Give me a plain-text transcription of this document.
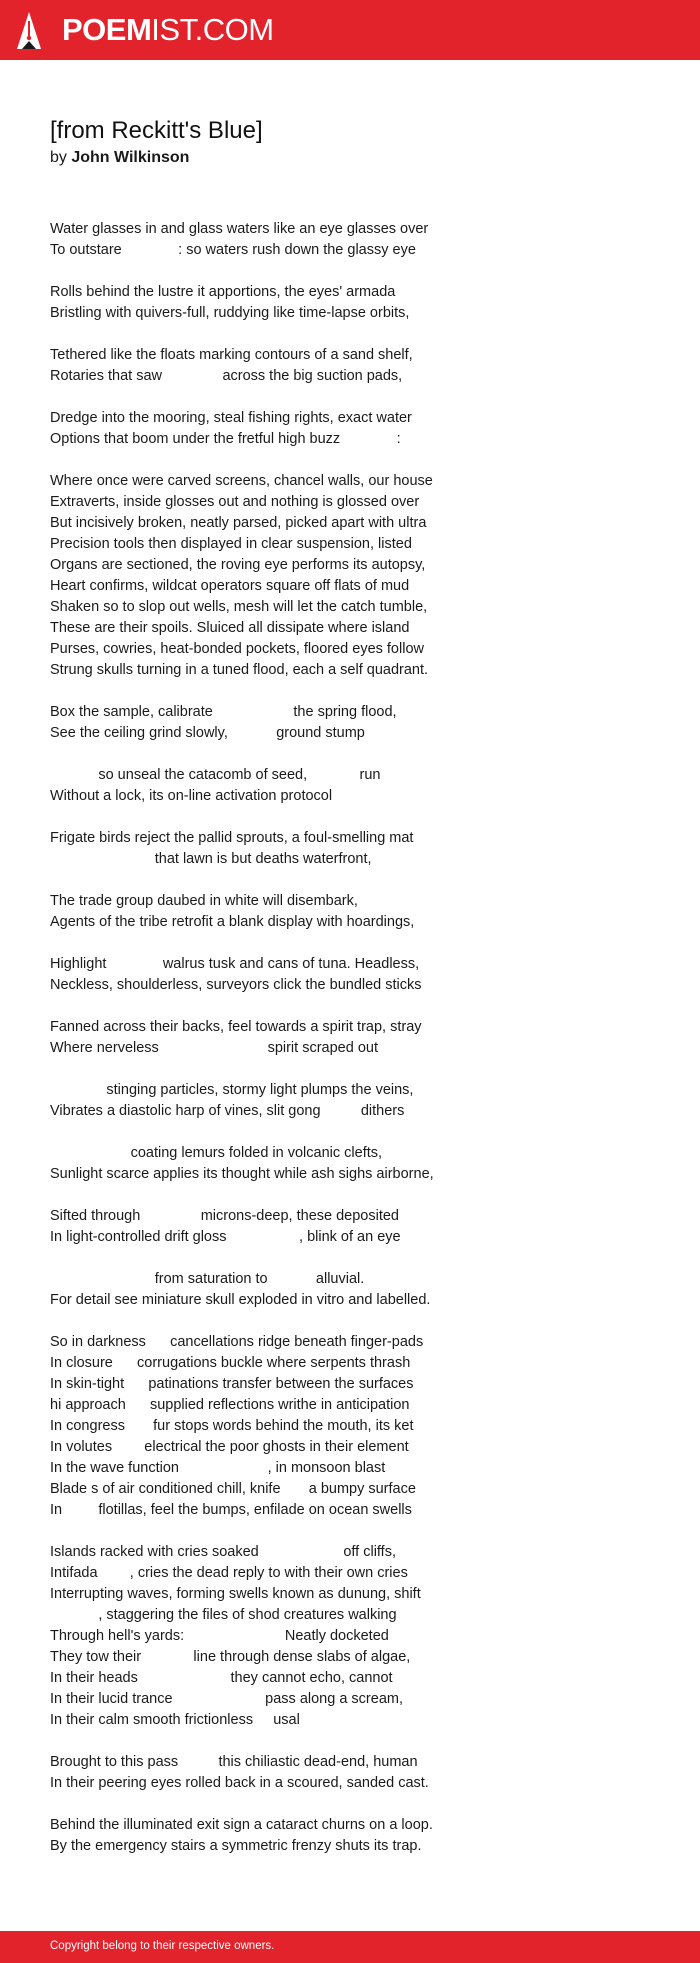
POEMIST.COM
[from Reckitt's Blue]
by John Wilkinson
Water glasses in and glass waters like an eye glasses over
To outstare              : so waters rush down the glassy eye
Rolls behind the lustre it apportions, the eyes' armada
Bristling with quivers-full, ruddying like time-lapse orbits,
Tethered like the floats marking contours of a sand shelf,
Rotaries that saw               across the big suction pads,
Dredge into the mooring, steal fishing rights, exact water
Options that boom under the fretful high buzz              :
Where once were carved screens, chancel walls, our house
Extraverts, inside glosses out and nothing is glossed over
But incisively broken, neatly parsed, picked apart with ultra
Precision tools then displayed in clear suspension, listed
Organs are sectioned, the roving eye performs its autopsy,
Heart confirms, wildcat operators square off flats of mud
Shaken so to slop out wells, mesh will let the catch tumble,
These are their spoils. Sluiced all dissipate where island
Purses, cowries, heat-bonded pockets, floored eyes follow
Strung skulls turning in a tuned flood, each a self quadrant.
Box the sample, calibrate                    the spring flood,
See the ceiling grind slowly,            ground stump
so unseal the catacomb of seed,             run
Without a lock, its on-line activation protocol
Frigate birds reject the pallid sprouts, a foul-smelling mat
that lawn is but deaths waterfront,
The trade group daubed in white will disembark,
Agents of the tribe retrofit a blank display with hoardings,
Highlight              walrus tusk and cans of tuna. Headless,
Neckless, shoulderless, surveyors click the bundled sticks
Fanned across their backs, feel towards a spirit trap, stray
Where nerveless                           spirit scraped out
stinging particles, stormy light plumps the veins,
Vibrates a diastolic harp of vines, slit gong          dithers
coating lemurs folded in volcanic clefts,
Sunlight scarce applies its thought while ash sighs airborne,
Sifted through               microns-deep, these deposited
In light-controlled drift gloss                  , blink of an eye
from saturation to            alluvial.
For detail see miniature skull exploded in vitro and labelled.
So in darkness      cancellations ridge beneath finger-pads
In closure      corrugations buckle where serpents thrash
In skin-tight      patinations transfer between the surfaces
hi approach      supplied reflections writhe in anticipation
In congress       fur stops words behind the mouth, its ket
In volutes        electrical the poor ghosts in their element
In the wave function                      , in monsoon blast
Blade s of air conditioned chill, knife       a bumpy surface
In         flotillas, feel the bumps, enfilade on ocean swells
Islands racked with cries soaked                     off cliffs,
Intifada        , cries the dead reply to with their own cries
Interrupting waves, forming swells known as dunung, shift
, staggering the files of shod creatures walking
Through hell's yards:                         Neatly docketed
They tow their             line through dense slabs of algae,
In their heads                       they cannot echo, cannot
In their lucid trance                       pass along a scream,
In their calm smooth frictionless     usal
Brought to this pass          this chiliastic dead-end, human
In their peering eyes rolled back in a scoured, sanded cast.
Behind the illuminated exit sign a cataract churns on a loop.
By the emergency stairs a symmetric frenzy shuts its trap.
Copyright belong to their respective owners.
